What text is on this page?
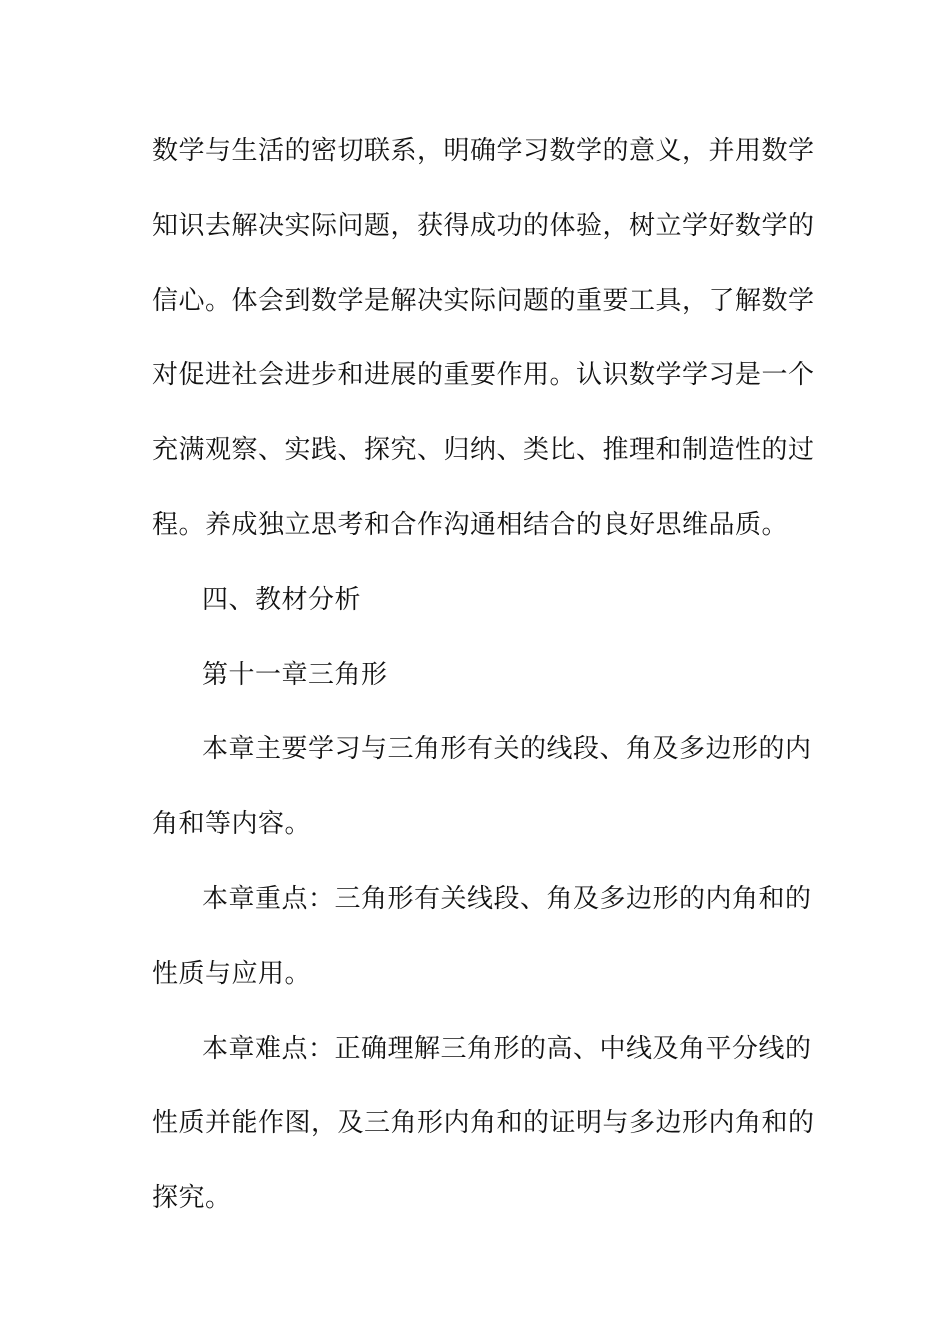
数学与生活的密切联系，明确学习数学的意义，并用数学
知识去解决实际问题，获得成功的体验，树立学好数学的
信心。体会到数学是解决实际问题的重要工具，了解数学
对促进社会进步和进展的重要作用。认识数学学习是一个
充满观察、实践、探究、归纳、类比、推理和制造性的过
程。养成独立思考和合作沟通相结合的良好思维品质。
四、教材分析
第十一章三角形
本章主要学习与三角形有关的线段、角及多边形的内
角和等内容。
本章重点：三角形有关线段、角及多边形的内角和的
性质与应用。
本章难点：正确理解三角形的高、中线及角平分线的
性质并能作图，及三角形内角和的证明与多边形内角和的
探究。
